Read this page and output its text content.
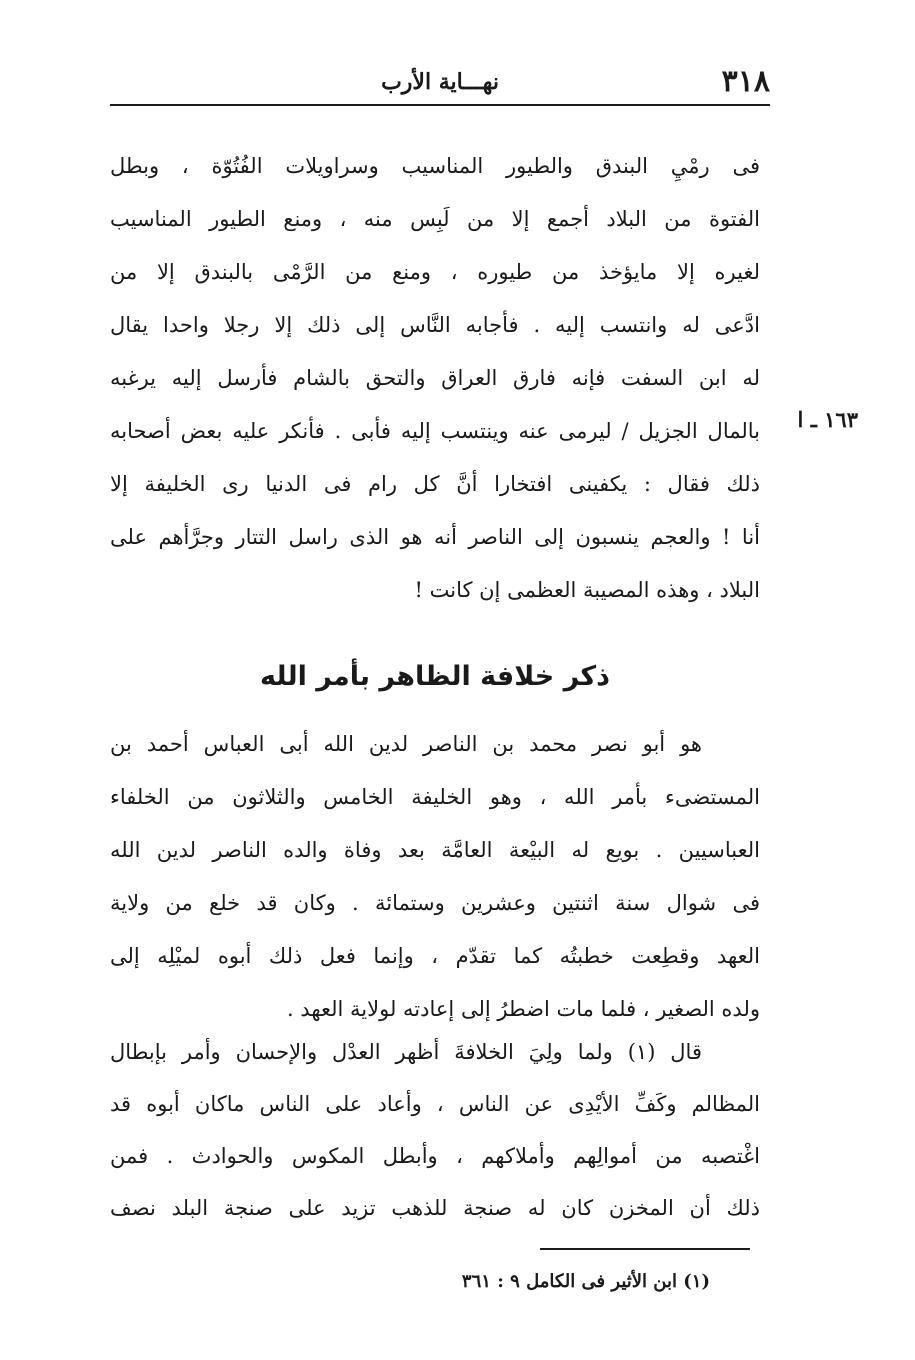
٣١٨
نهـــاية الأرب
فى رمْيِ البندق والطيور المناسيب وسراويلات الفُتُوّة ، وبطل
الفتوة من البلاد أجمع إلا من لَبِس منه ، ومنع الطيور المناسيب
لغيره إلا مايؤخذ من طيوره ، ومنع من الرَّمْى بالبندق إلا من
ادَّعى له وانتسب إليه . فأجابه النَّاس إلى ذلك إلا رجلا واحدا يقال
له ابن السفت فإنه فارق العراق والتحق بالشام فأرسل إليه يرغبه
بالمال الجزيل / ليرمى عنه وينتسب إليه فأبى . فأنكر عليه بعض أصحابه
ذلك فقال : يكفينى افتخارا أنَّ كل رام فى الدنيا رى الخليفة إلا
أنا ! والعجم ينسبون إلى الناصر أنه هو الذى راسل التتار وجرَّأهم على
البلاد ، وهذه المصيبة العظمى إن كانت !
١٦٣ ـ ا
ذكر خلافة الظاهر بأمر الله
هو أبو نصر محمد بن الناصر لدين الله أبى العباس أحمد بن
المستضىء بأمر الله ، وهو الخليفة الخامس والثلاثون من الخلفاء
العباسيين . بويع له البيْعة العامَّة بعد وفاة والده الناصر لدين الله
فى شوال سنة اثنتين وعشرين وستمائة . وكان قد خلع من ولاية
العهد وقطِعت خطبتُه كما تقدّم ، وإنما فعل ذلك أبوه لميْلِه إلى
ولده الصغير ، فلما مات اضطرُ إلى إعادته لولاية العهد .
قال (١) ولما ولِيَ الخلافةَ أظهر العدْل والإحسان وأمر بإبطال
المظالم وكَفِّ الأيْدِى عن الناس ، وأعاد على الناس ماكان أبوه قد
اغْتصبه من أموالِهم وأملاكهم ، وأبطل المكوس والحوادث . فمن
ذلك أن المخزن كان له صنجة للذهب تزيد على صنجة البلد نصف
(١) ابن الأثير فى الكامل ٩ : ٣٦١
